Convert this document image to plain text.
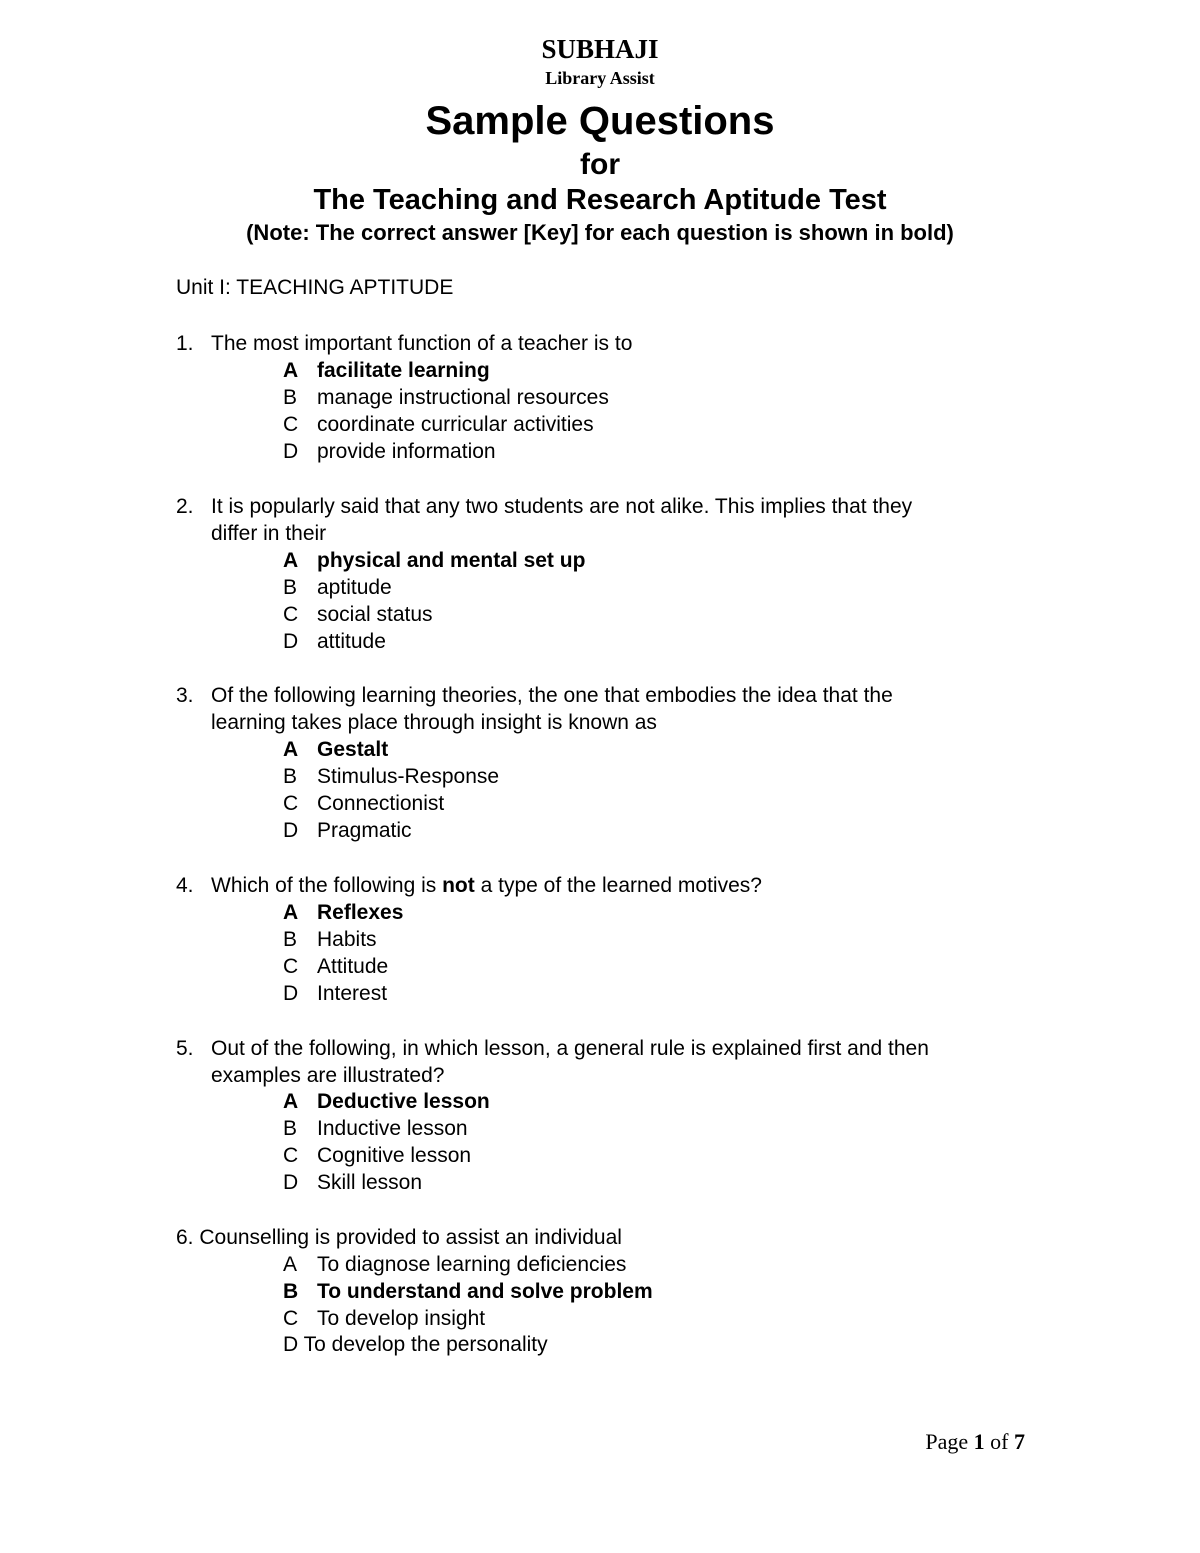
SUBHAJI
Library Assist
Sample Questions
for
The Teaching and Research Aptitude Test
(Note: The correct answer [Key] for each question is shown in bold)
Unit I: TEACHING APTITUDE
1. The most important function of a teacher is to
A facilitate learning
B manage instructional resources
C coordinate curricular activities
D provide information
2. It is popularly said that any two students are not alike. This implies that they
differ in their
A physical and mental set up
B aptitude
C social status
D attitude
3. Of the following learning theories, the one that embodies the idea that the
learning takes place through insight is known as
A Gestalt
B Stimulus-Response
C Connectionist
D Pragmatic
4. Which of the following is not a type of the learned motives?
A Reflexes
B Habits
C Attitude
D Interest
5. Out of the following, in which lesson, a general rule is explained first and then
examples are illustrated?
A Deductive lesson
B Inductive lesson
C Cognitive lesson
D Skill lesson
6. Counselling is provided to assist an individual
A To diagnose learning deficiencies
B To understand and solve problem
C To develop insight
D To develop the personality
Page 1 of 7
